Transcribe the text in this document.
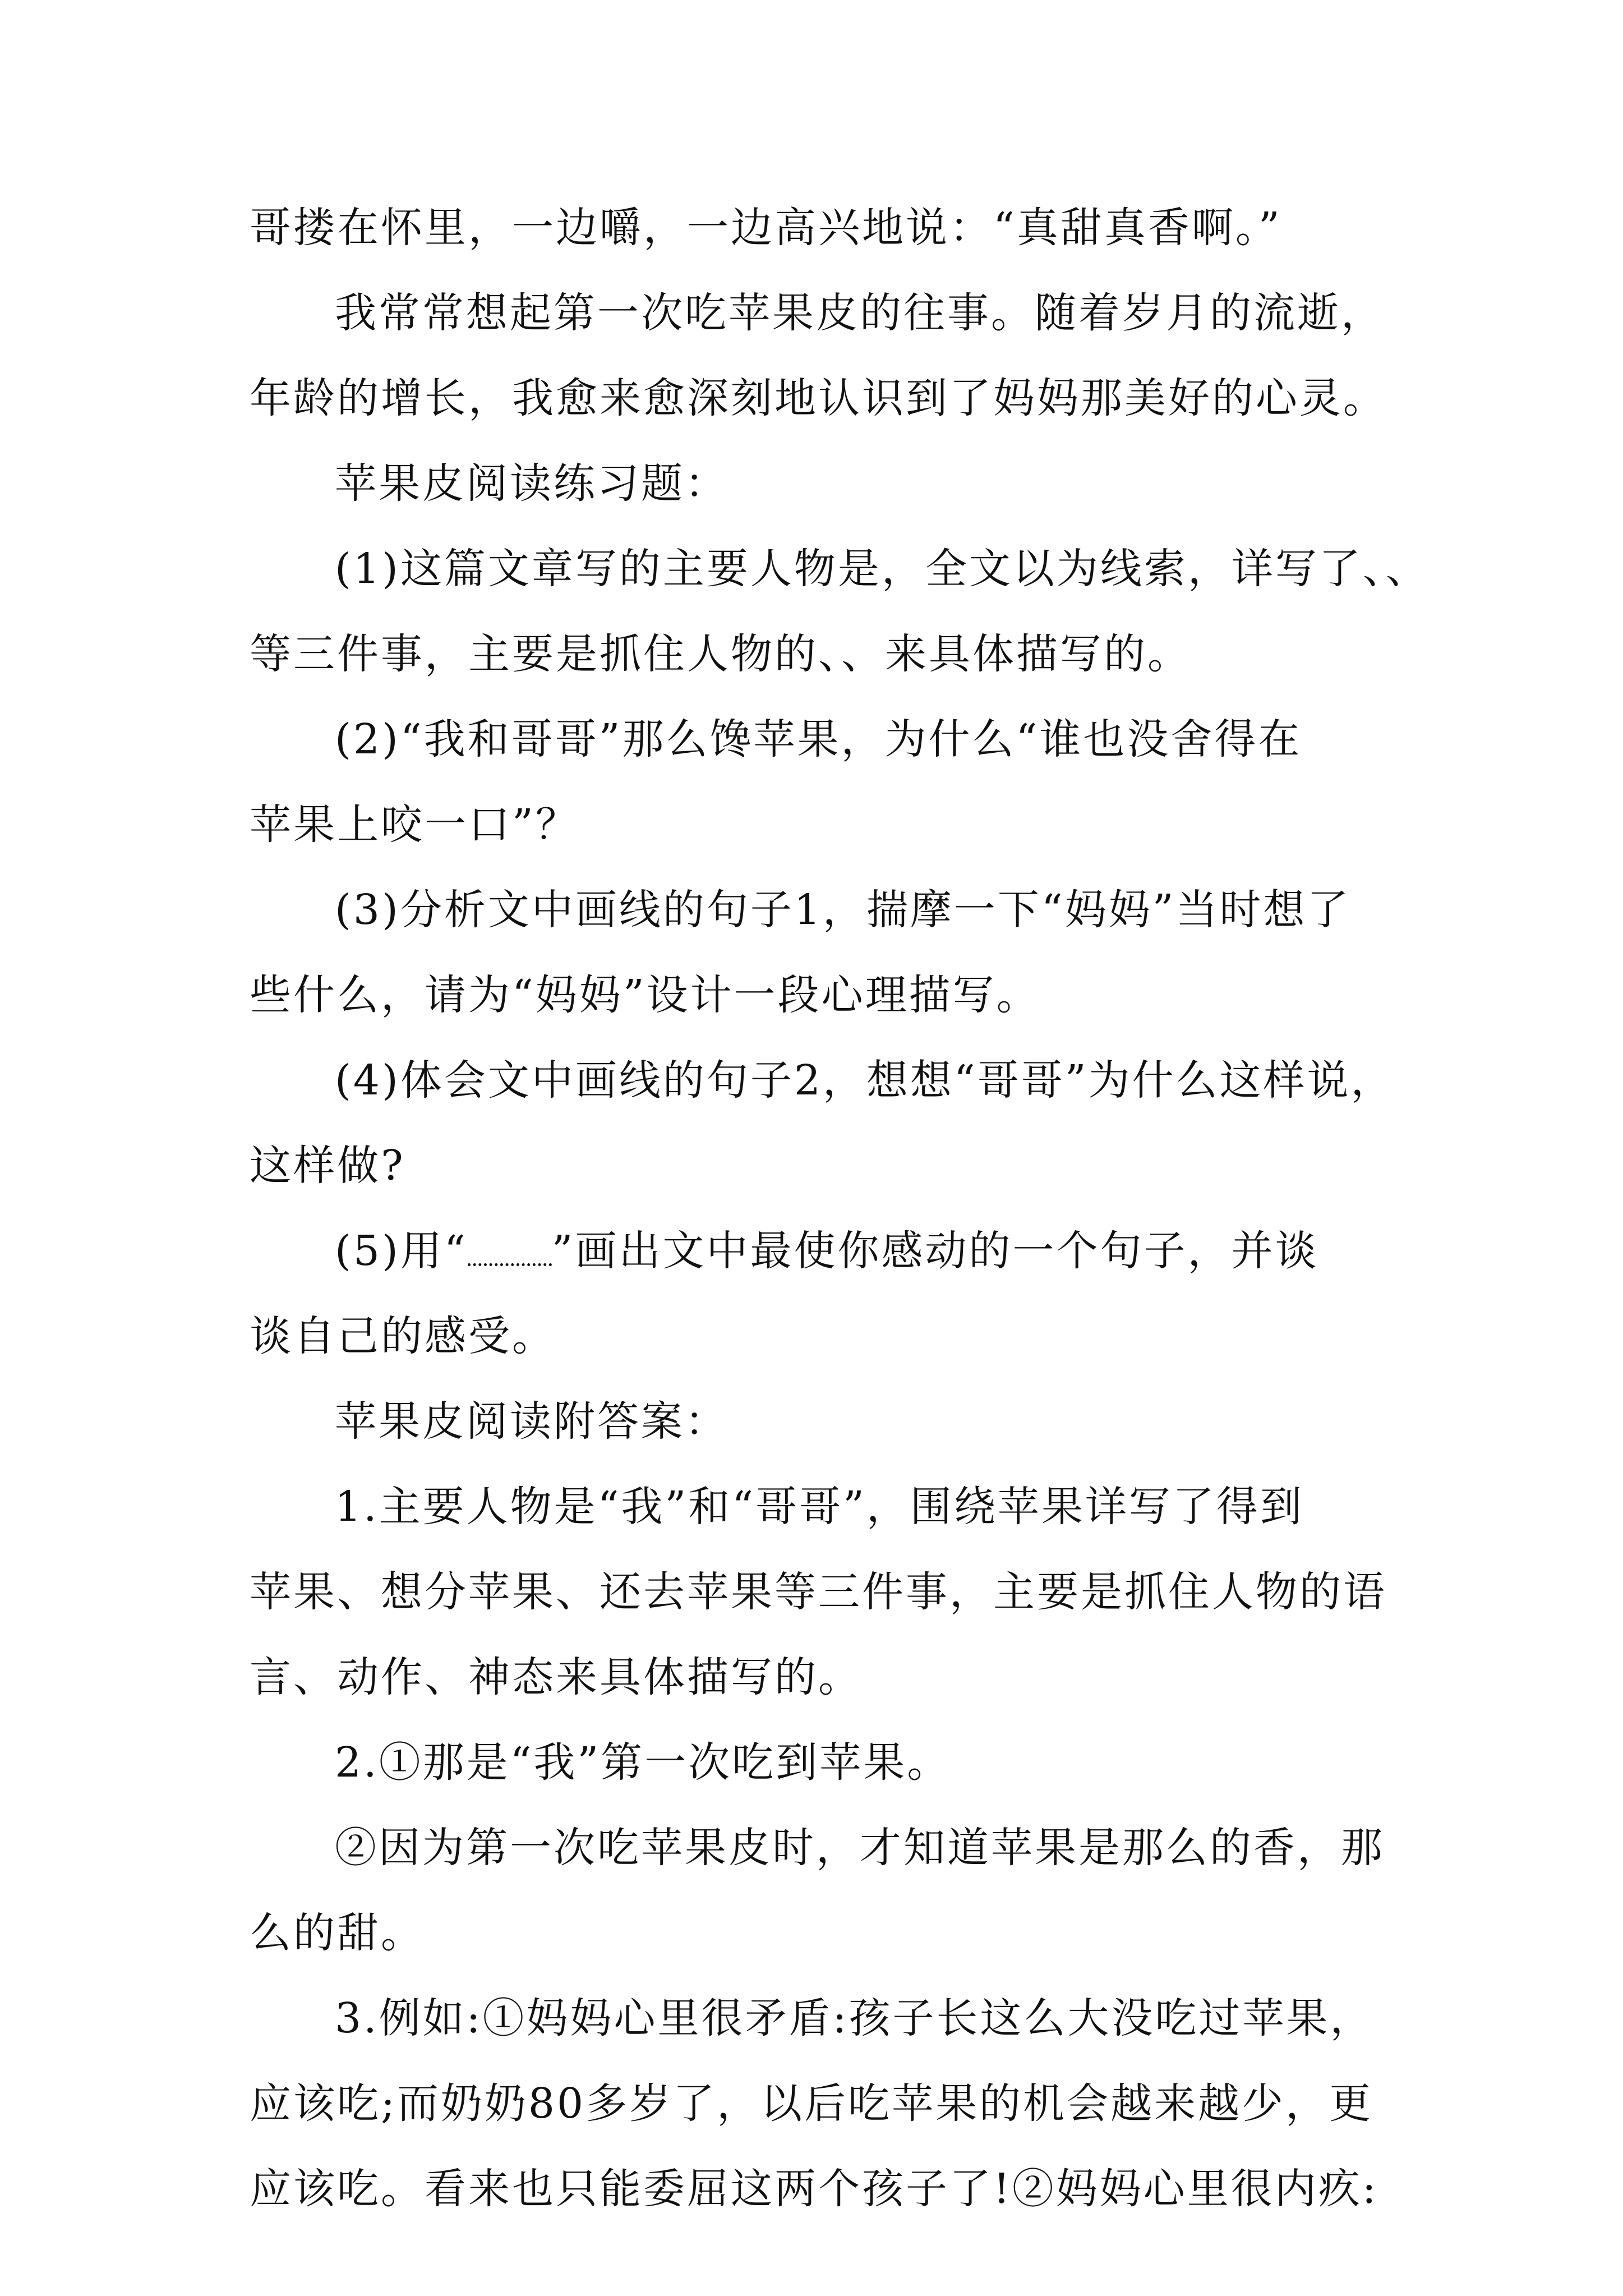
哥搂在怀里，一边嚼，一边高兴地说：“真甜真香啊。”
我常常想起第一次吃苹果皮的往事。随着岁月的流逝，
年龄的增长，我愈来愈深刻地认识到了妈妈那美好的心灵。
苹果皮阅读练习题：
(1)这篇文章写的主要人物是，全文以为线索，详写了、、
等三件事，主要是抓住人物的、、来具体描写的。
(2)“我和哥哥”那么馋苹果，为什么“谁也没舍得在
苹果上咬一口”？
(3)分析文中画线的句子1，揣摩一下“妈妈”当时想了
些什么，请为“妈妈”设计一段心理描写。
(4)体会文中画线的句子2，想想“哥哥”为什么这样说，
这样做?
(5)用“ ”画出文中最使你感动的一个句子，并谈
谈自己的感受。
苹果皮阅读附答案：
1.主要人物是“我”和“哥哥”，围绕苹果详写了得到
苹果、想分苹果、还去苹果等三件事，主要是抓住人物的语
言、动作、神态来具体描写的。
2.①那是“我”第一次吃到苹果。
②因为第一次吃苹果皮时，才知道苹果是那么的香，那
么的甜。
3.例如:①妈妈心里很矛盾:孩子长这么大没吃过苹果，
应该吃;而奶奶80多岁了，以后吃苹果的机会越来越少，更
应该吃。看来也只能委屈这两个孩子了!②妈妈心里很内疚:
